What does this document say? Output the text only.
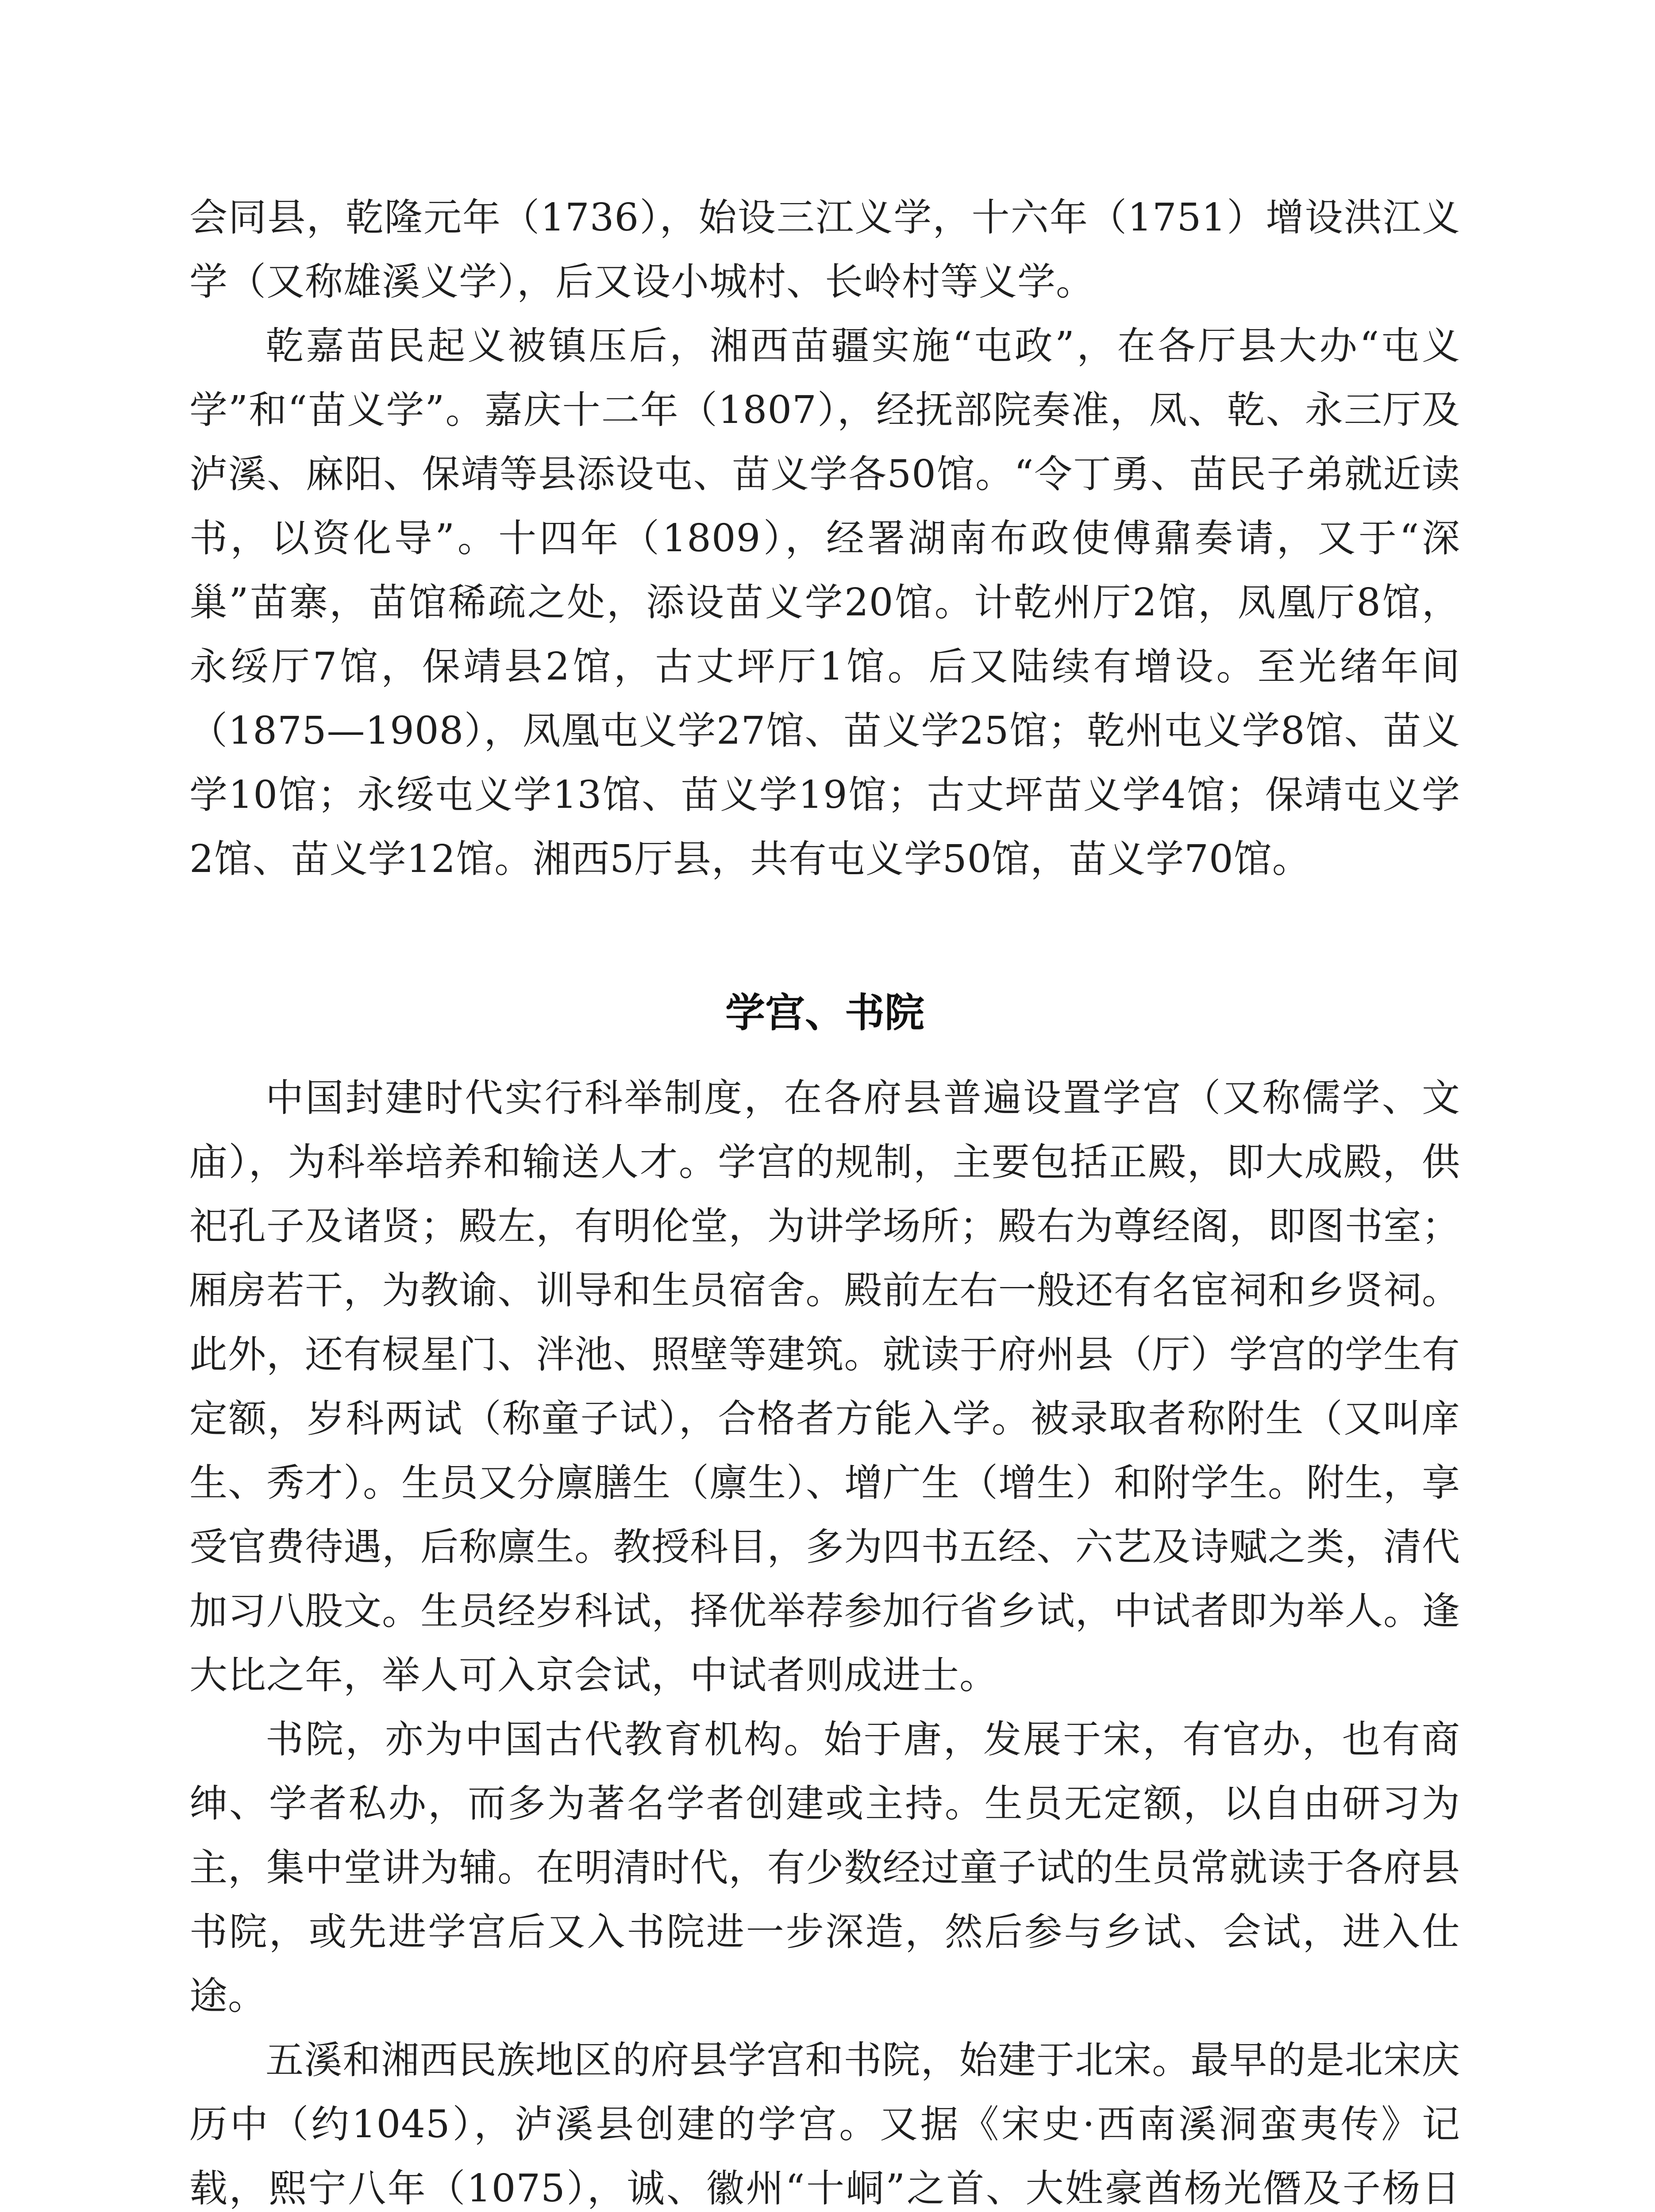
会同县，乾隆元年（1736），始设三江义学，十六年（1751）增设洪江义学（又称雄溪义学），后又设小城村、长岭村等义学。

乾嘉苗民起义被镇压后，湘西苗疆实施“屯政”，在各厅县大办“屯义学”和“苗义学”。嘉庆十二年（1807），经抚部院奏准，凤、乾、永三厅及泸溪、麻阳、保靖等县添设屯、苗义学各50馆。“令丁勇、苗民子弟就近读书，以资化导”。十四年（1809），经署湖南布政使傅鼐奏请，又于“深巢”苗寨，苗馆稀疏之处，添设苗义学20馆。计乾州厅2馆，凤凰厅8馆，永绥厅7馆，保靖县2馆，古丈坪厅1馆。后又陆续有增设。至光绪年间（1875—1908），凤凰屯义学27馆、苗义学25馆；乾州屯义学8馆、苗义学10馆；永绥屯义学13馆、苗义学19馆；古丈坪苗义学4馆；保靖屯义学2馆、苗义学12馆。湘西5厅县，共有屯义学50馆，苗义学70馆。

学宫、书院

中国封建时代实行科举制度，在各府县普遍设置学宫（又称儒学、文庙），为科举培养和输送人才。学宫的规制，主要包括正殿，即大成殿，供祀孔子及诸贤；殿左，有明伦堂，为讲学场所；殿右为尊经阁，即图书室；厢房若干，为教谕、训导和生员宿舍。殿前左右一般还有名宦祠和乡贤祠。此外，还有棂星门、泮池、照壁等建筑。就读于府州县（厅）学宫的学生有定额，岁科两试（称童子试），合格者方能入学。被录取者称附生（又叫庠生、秀才）。生员又分廪膳生（廪生）、增广生（增生）和附学生。附生，享受官费待遇，后称廪生。教授科目，多为四书五经、六艺及诗赋之类，清代加习八股文。生员经岁科试，择优举荐参加行省乡试，中试者即为举人。逢大比之年，举人可入京会试，中试者则成进士。

书院，亦为中国古代教育机构。始于唐，发展于宋，有官办，也有商绅、学者私办，而多为著名学者创建或主持。生员无定额，以自由研习为主，集中堂讲为辅。在明清时代，有少数经过童子试的生员常就读于各府县书院，或先进学宫后又入书院进一步深造，然后参与乡试、会试，进入仕途。

五溪和湘西民族地区的府县学宫和书院，始建于北宋。最早的是北宋庆历中（约1045），泸溪县创建的学宫。又据《宋史·西南溪洞蛮夷传》记载，熙宁八年（1075），诚、徽州“十峒”之首、大姓豪酋杨光僭及子杨日
